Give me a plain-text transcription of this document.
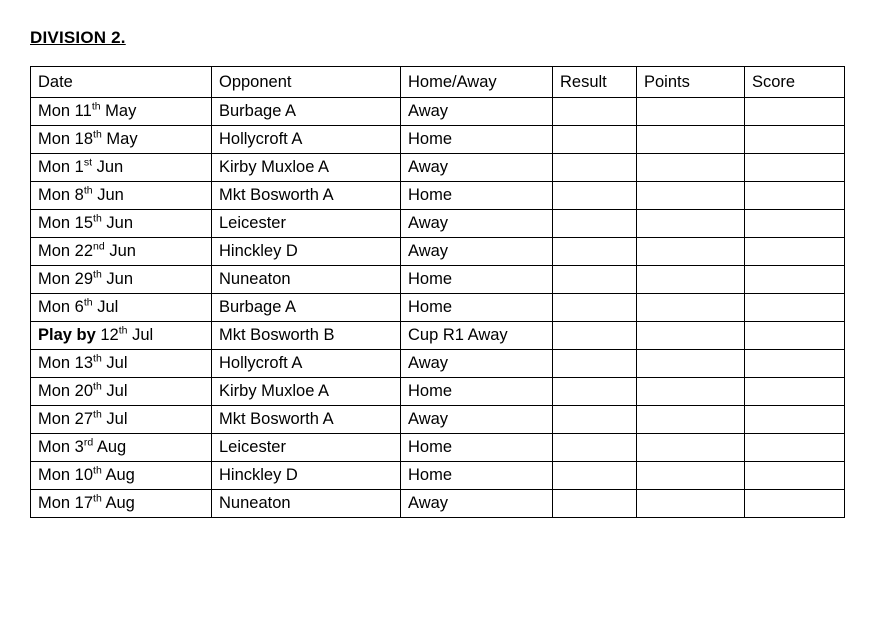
DIVISION 2.
Date	Opponent	Home/Away	Result	Points	Score
Mon 11th May	Burbage A	Away			
Mon 18th May	Hollycroft A	Home			
Mon 1st Jun	Kirby Muxloe A	Away			
Mon 8th Jun	Mkt Bosworth A	Home			
Mon 15th Jun	Leicester	Away			
Mon 22nd Jun	Hinckley D	Away			
Mon 29th Jun	Nuneaton	Home			
Mon 6th Jul	Burbage A	Home			
Play by 12th Jul	Mkt Bosworth B	Cup R1 Away			
Mon 13th Jul	Hollycroft A	Away			
Mon 20th Jul	Kirby Muxloe A	Home			
Mon 27th Jul	Mkt Bosworth A	Away			
Mon 3rd Aug	Leicester	Home			
Mon 10th Aug	Hinckley D	Home			
Mon 17th Aug	Nuneaton	Away			
